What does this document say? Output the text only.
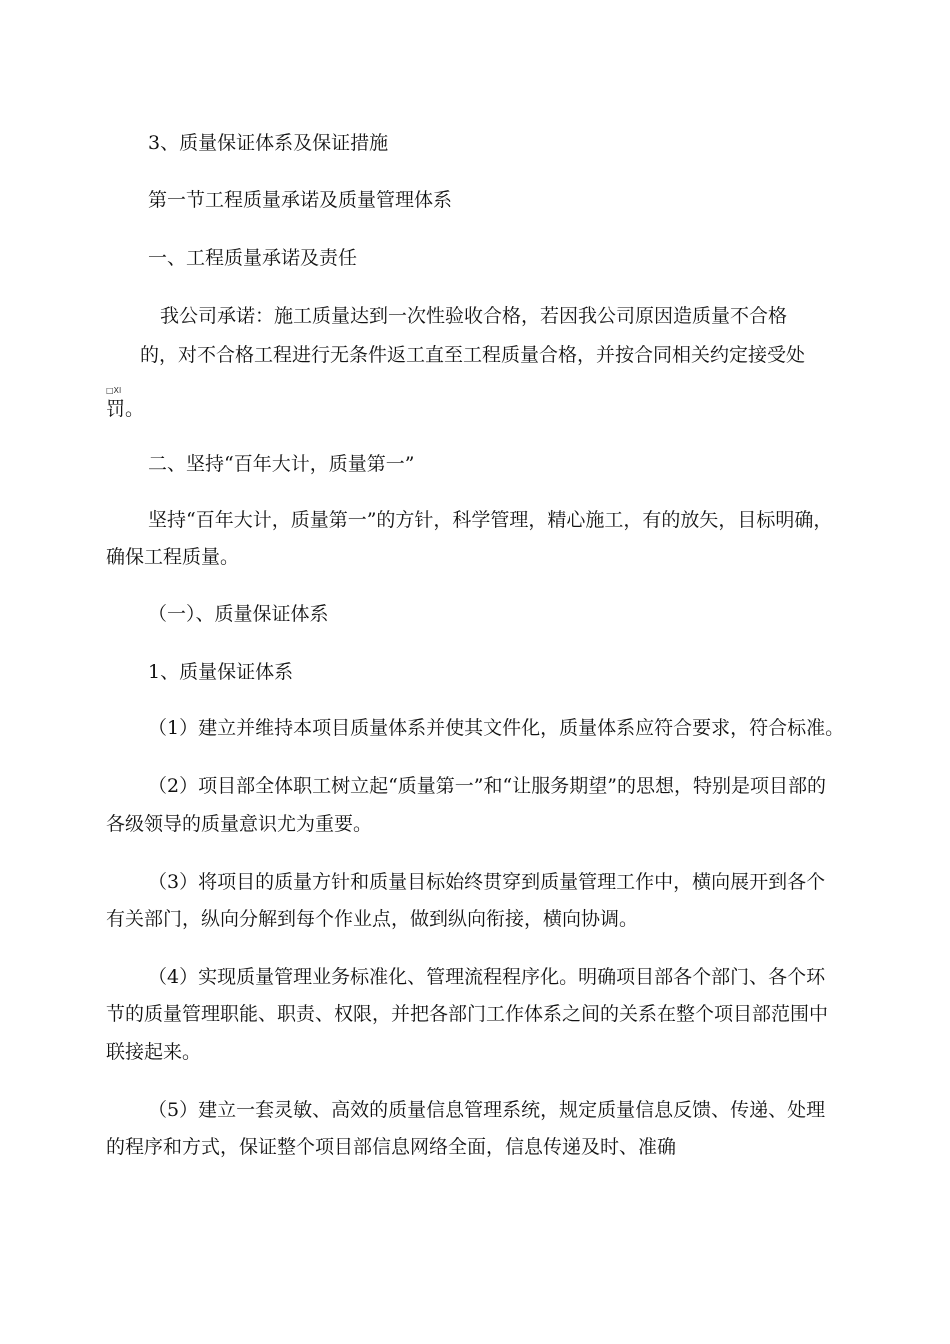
3、质量保证体系及保证措施
第一节工程质量承诺及质量管理体系
一、工程质量承诺及责任
我公司承诺：施工质量达到一次性验收合格，若因我公司原因造质量不合格
的，对不合格工程进行无条件返工直至工程质量合格，并按合同相关约定接受处
□Xl
罚。
二、坚持“百年大计，质量第一”
坚持“百年大计，质量第一”的方针，科学管理，精心施工，有的放矢，目标明确，
确保工程质量。
（一）、质量保证体系
1、质量保证体系
（1）建立并维持本项目质量体系并使其文件化，质量体系应符合要求，符合标准。
（2）项目部全体职工树立起“质量第一”和“让服务期望”的思想，特别是项目部的
各级领导的质量意识尤为重要。
（3）将项目的质量方针和质量目标始终贯穿到质量管理工作中，横向展开到各个
有关部门，纵向分解到每个作业点，做到纵向衔接，横向协调。
（4）实现质量管理业务标准化、管理流程程序化。明确项目部各个部门、各个环
节的质量管理职能、职责、权限，并把各部门工作体系之间的关系在整个项目部范围中
联接起来。
（5）建立一套灵敏、高效的质量信息管理系统，规定质量信息反馈、传递、处理
的程序和方式，保证整个项目部信息网络全面，信息传递及时、准确
